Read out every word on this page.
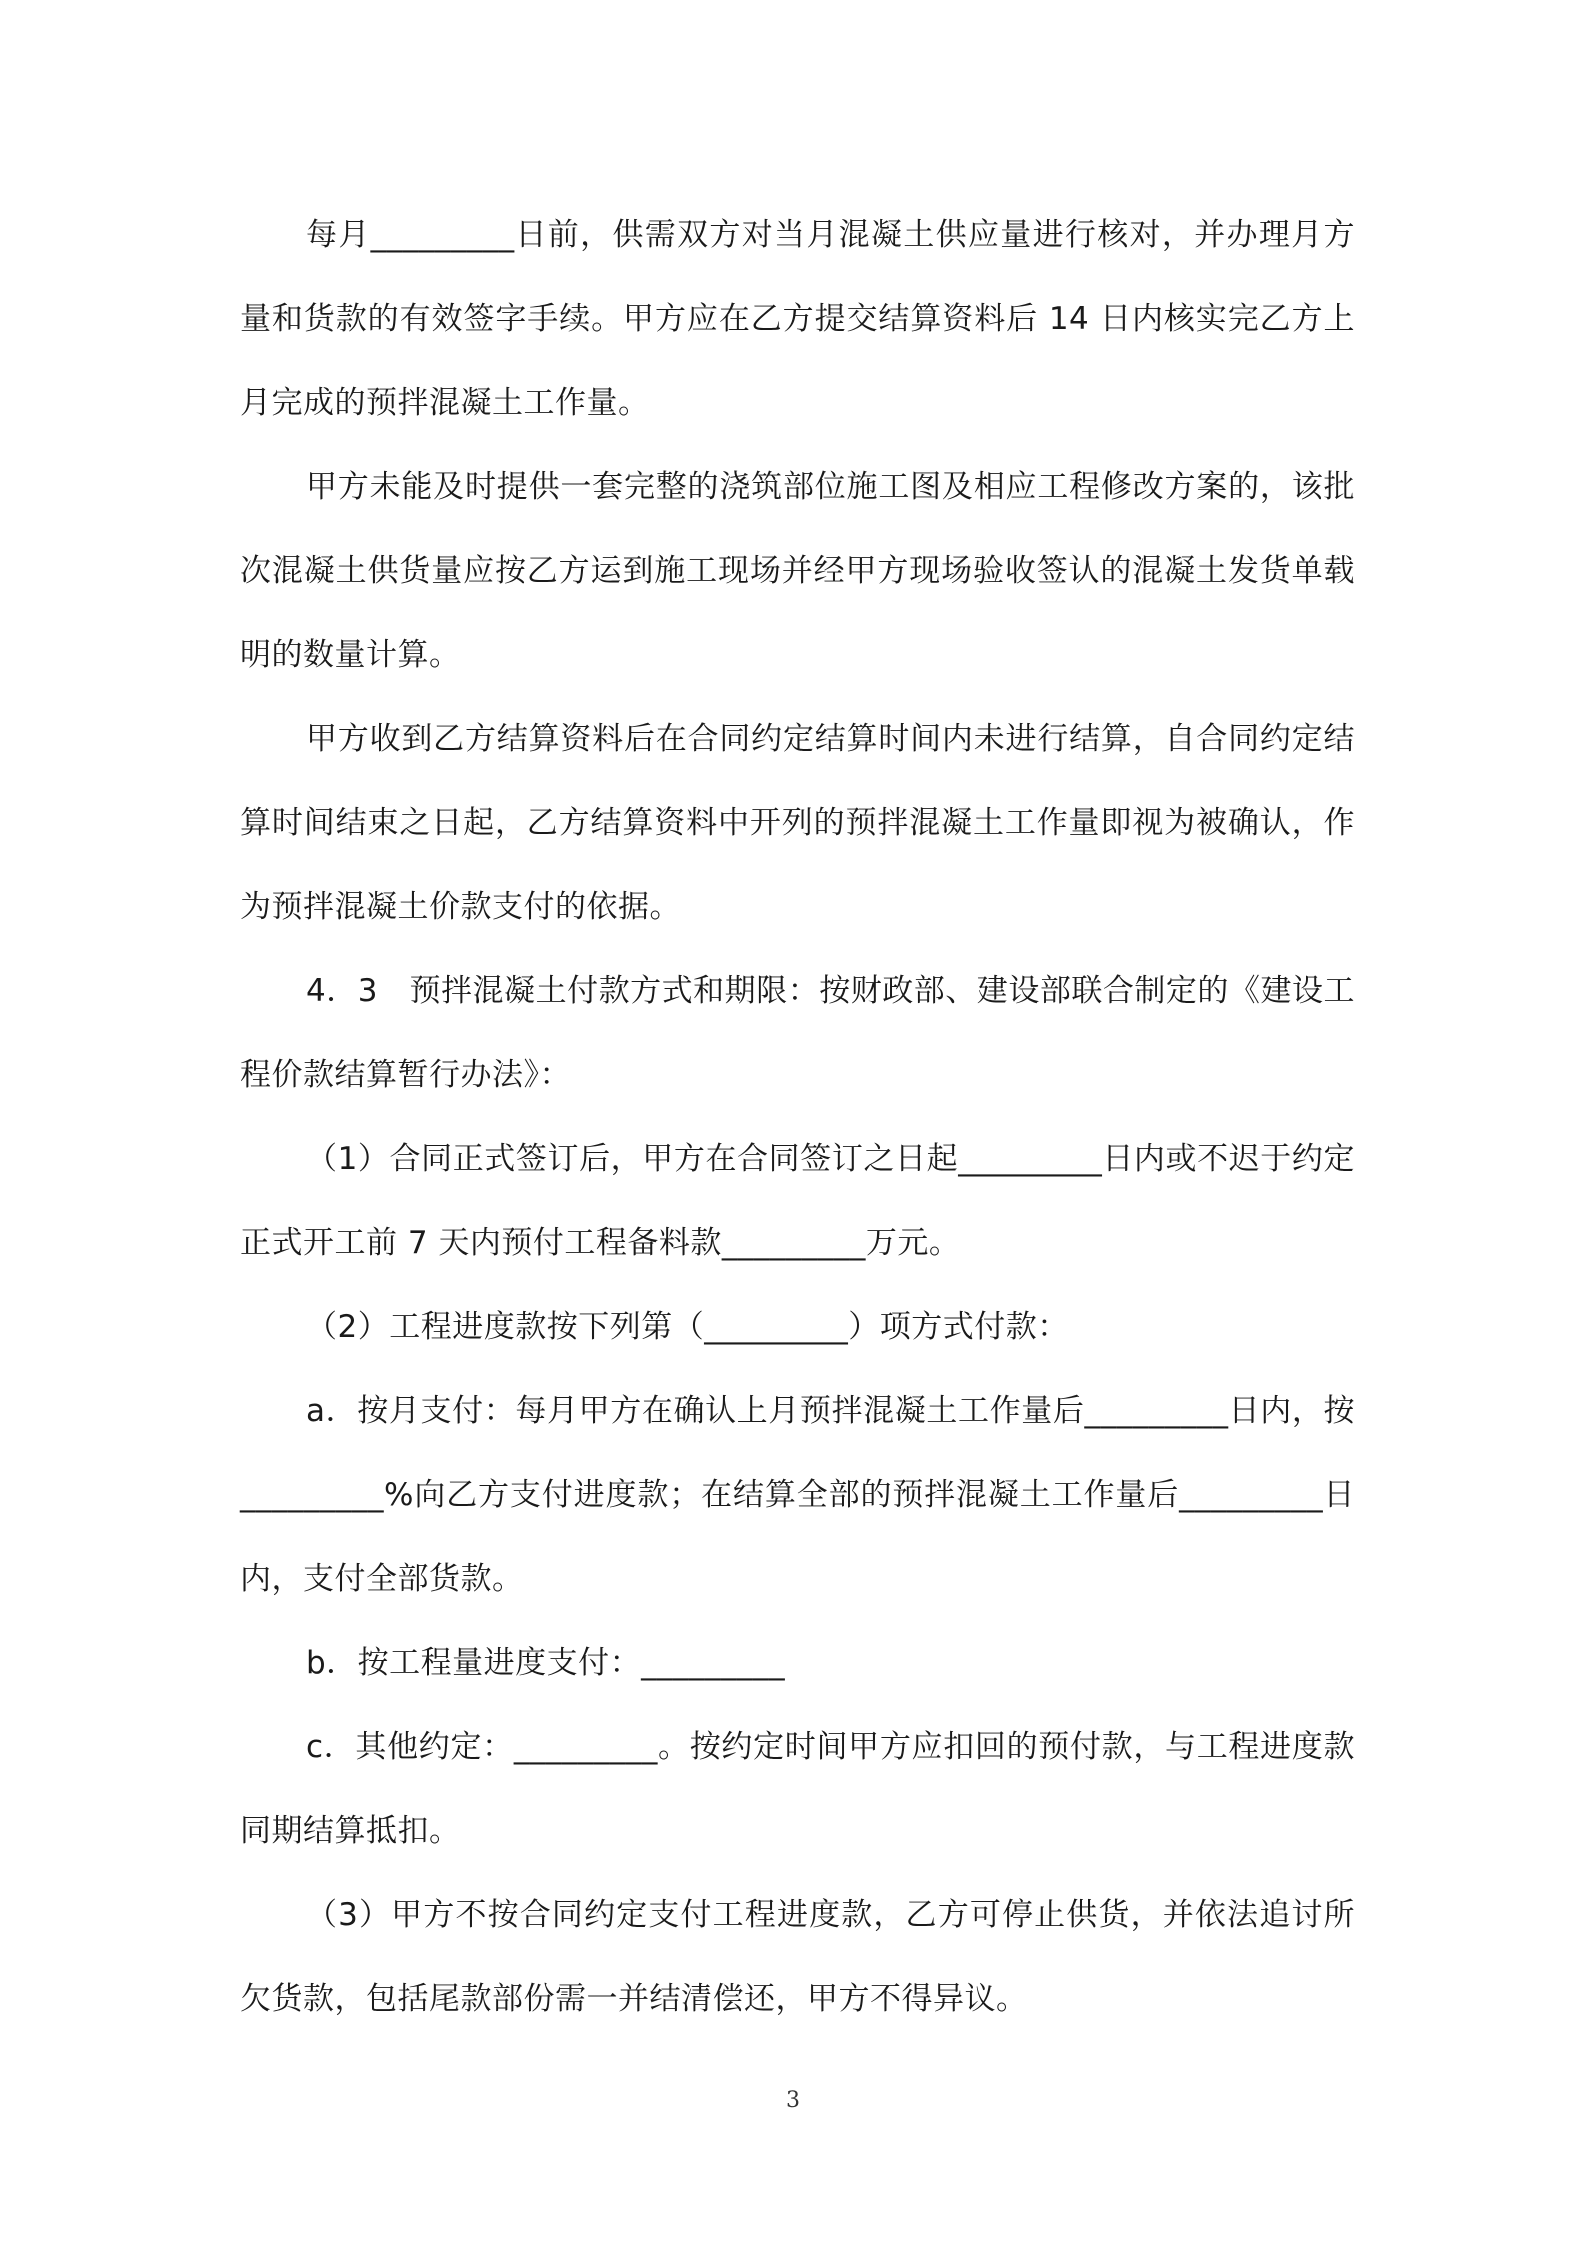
每月_________日前，供需双方对当月混凝土供应量进行核对，并办理月方量和货款的有效签字手续。甲方应在乙方提交结算资料后 14 日内核实完乙方上月完成的预拌混凝土工作量。

甲方未能及时提供一套完整的浇筑部位施工图及相应工程修改方案的，该批次混凝土供货量应按乙方运到施工现场并经甲方现场验收签认的混凝土发货单载明的数量计算。

甲方收到乙方结算资料后在合同约定结算时间内未进行结算，自合同约定结算时间结束之日起，乙方结算资料中开列的预拌混凝土工作量即视为被确认，作为预拌混凝土价款支付的依据。

4．3　预拌混凝土付款方式和期限：按财政部、建设部联合制定的《建设工程价款结算暂行办法》：

（1）合同正式签订后，甲方在合同签订之日起_________日内或不迟于约定正式开工前 7 天内预付工程备料款_________万元。

（2）工程进度款按下列第（_________）项方式付款：

a．按月支付：每月甲方在确认上月预拌混凝土工作量后_________日内，按_________%向乙方支付进度款；在结算全部的预拌混凝土工作量后_________日内，支付全部货款。

b．按工程量进度支付：_________

c．其他约定：_________。按约定时间甲方应扣回的预付款，与工程进度款同期结算抵扣。

（3）甲方不按合同约定支付工程进度款，乙方可停止供货，并依法追讨所欠货款，包括尾款部份需一并结清偿还，甲方不得异议。

3
